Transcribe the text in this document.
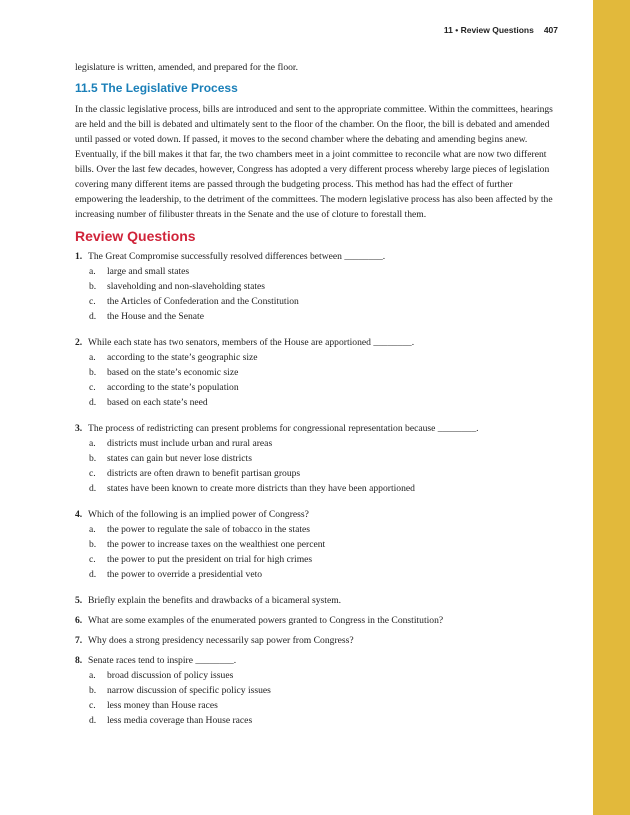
11 • Review Questions 407

legislature is written, amended, and prepared for the floor.

11.5 The Legislative Process

In the classic legislative process, bills are introduced and sent to the appropriate committee. Within the committees, hearings are held and the bill is debated and ultimately sent to the floor of the chamber. On the floor, the bill is debated and amended until passed or voted down. If passed, it moves to the second chamber where the debating and amending begins anew. Eventually, if the bill makes it that far, the two chambers meet in a joint committee to reconcile what are now two different bills. Over the last few decades, however, Congress has adopted a very different process whereby large pieces of legislation covering many different items are passed through the budgeting process. This method has had the effect of further empowering the leadership, to the detriment of the committees. The modern legislative process has also been affected by the increasing number of filibuster threats in the Senate and the use of cloture to forestall them.

Review Questions
1. The Great Compromise successfully resolved differences between ________.
a.	large and small states
b.	slaveholding and non-slaveholding states
c.	the Articles of Confederation and the Constitution
d.	the House and the Senate
2. While each state has two senators, members of the House are apportioned ________.
a.	according to the state’s geographic size
b.	based on the state’s economic size
c.	according to the state’s population
d.	based on each state’s need
3. The process of redistricting can present problems for congressional representation because ________.
a.	districts must include urban and rural areas
b.	states can gain but never lose districts
c.	districts are often drawn to benefit partisan groups
d.	states have been known to create more districts than they have been apportioned
4. Which of the following is an implied power of Congress?
a.	the power to regulate the sale of tobacco in the states
b.	the power to increase taxes on the wealthiest one percent
c.	the power to put the president on trial for high crimes
d.	the power to override a presidential veto
5. Briefly explain the benefits and drawbacks of a bicameral system.
6. What are some examples of the enumerated powers granted to Congress in the Constitution?
7. Why does a strong presidency necessarily sap power from Congress?
8. Senate races tend to inspire ________.
a.	broad discussion of policy issues
b.	narrow discussion of specific policy issues
c.	less money than House races
d.	less media coverage than House races
